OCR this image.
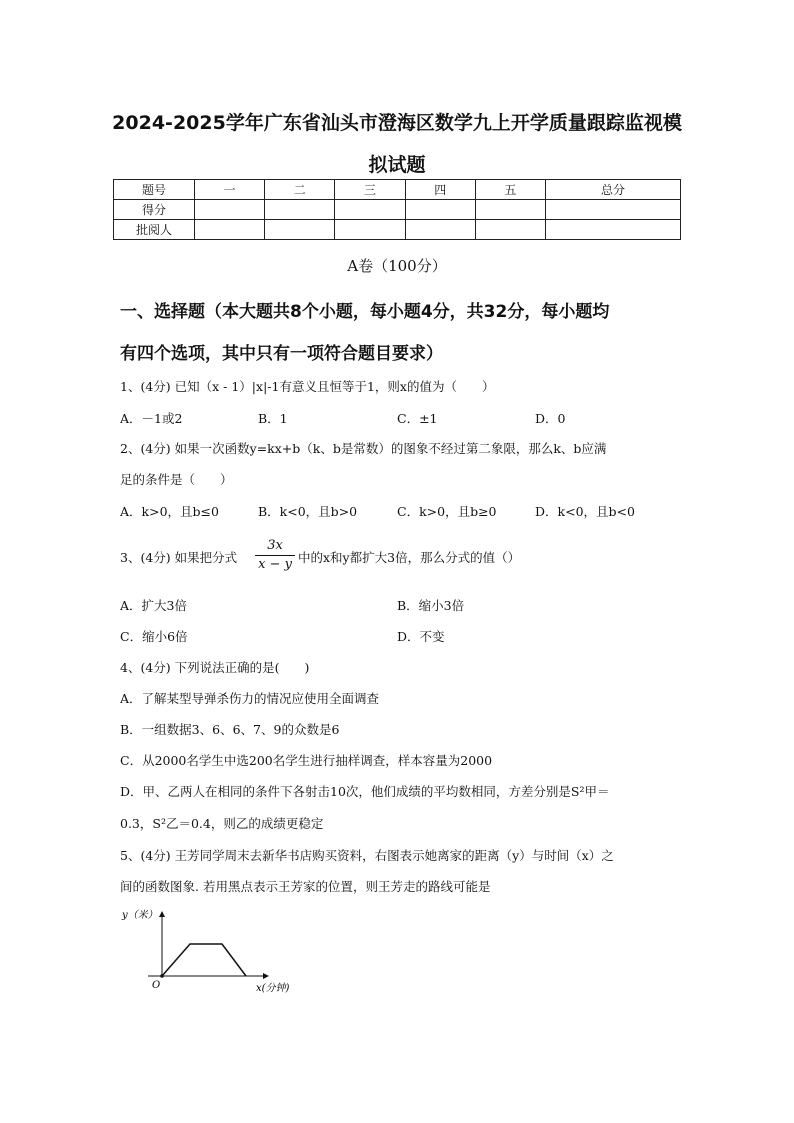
2024-2025学年广东省汕头市澄海区数学九上开学质量跟踪监视模
拟试题
题号	一	二	三	四	五	总分
得分						
批阅人						
A卷（100分）
一、选择题（本大题共8个小题，每小题4分，共32分，每小题均
有四个选项，其中只有一项符合题目要求）
1、(4分) 已知（x - 1）|x|-1有意义且恒等于1，则x的值为（　　）
A．－1或2	B．1	C．±1	D．0
2、(4分) 如果一次函数y=kx+b（k、b是常数）的图象不经过第二象限，那么k、b应满
足的条件是（　　）
A．k>0，且b≤0	B．k<0，且b>0	C．k>0，且b≥0	D．k<0，且b<0
3、(4分) 如果把分式 $\frac{3x}{x - y}$ 中的x和y都扩大3倍，那么分式的值（）
A．扩大3倍	B．缩小3倍
C．缩小6倍	D．不变
4、(4分) 下列说法正确的是(　　)
A．了解某型导弹杀伤力的情况应使用全面调查
B．一组数据3、6、6、7、9的众数是6
C．从2000名学生中选200名学生进行抽样调查，样本容量为2000
D．甲、乙两人在相同的条件下各射击10次，他们成绩的平均数相同，方差分别是S²甲＝
0.3，S²乙＝0.4，则乙的成绩更稳定
5、(4分) 王芳同学周末去新华书店购买资料，右图表示她离家的距离（y）与时间（x）之
间的函数图象. 若用黑点表示王芳家的位置，则王芳走的路线可能是
y（米）
O	x(分钟)
